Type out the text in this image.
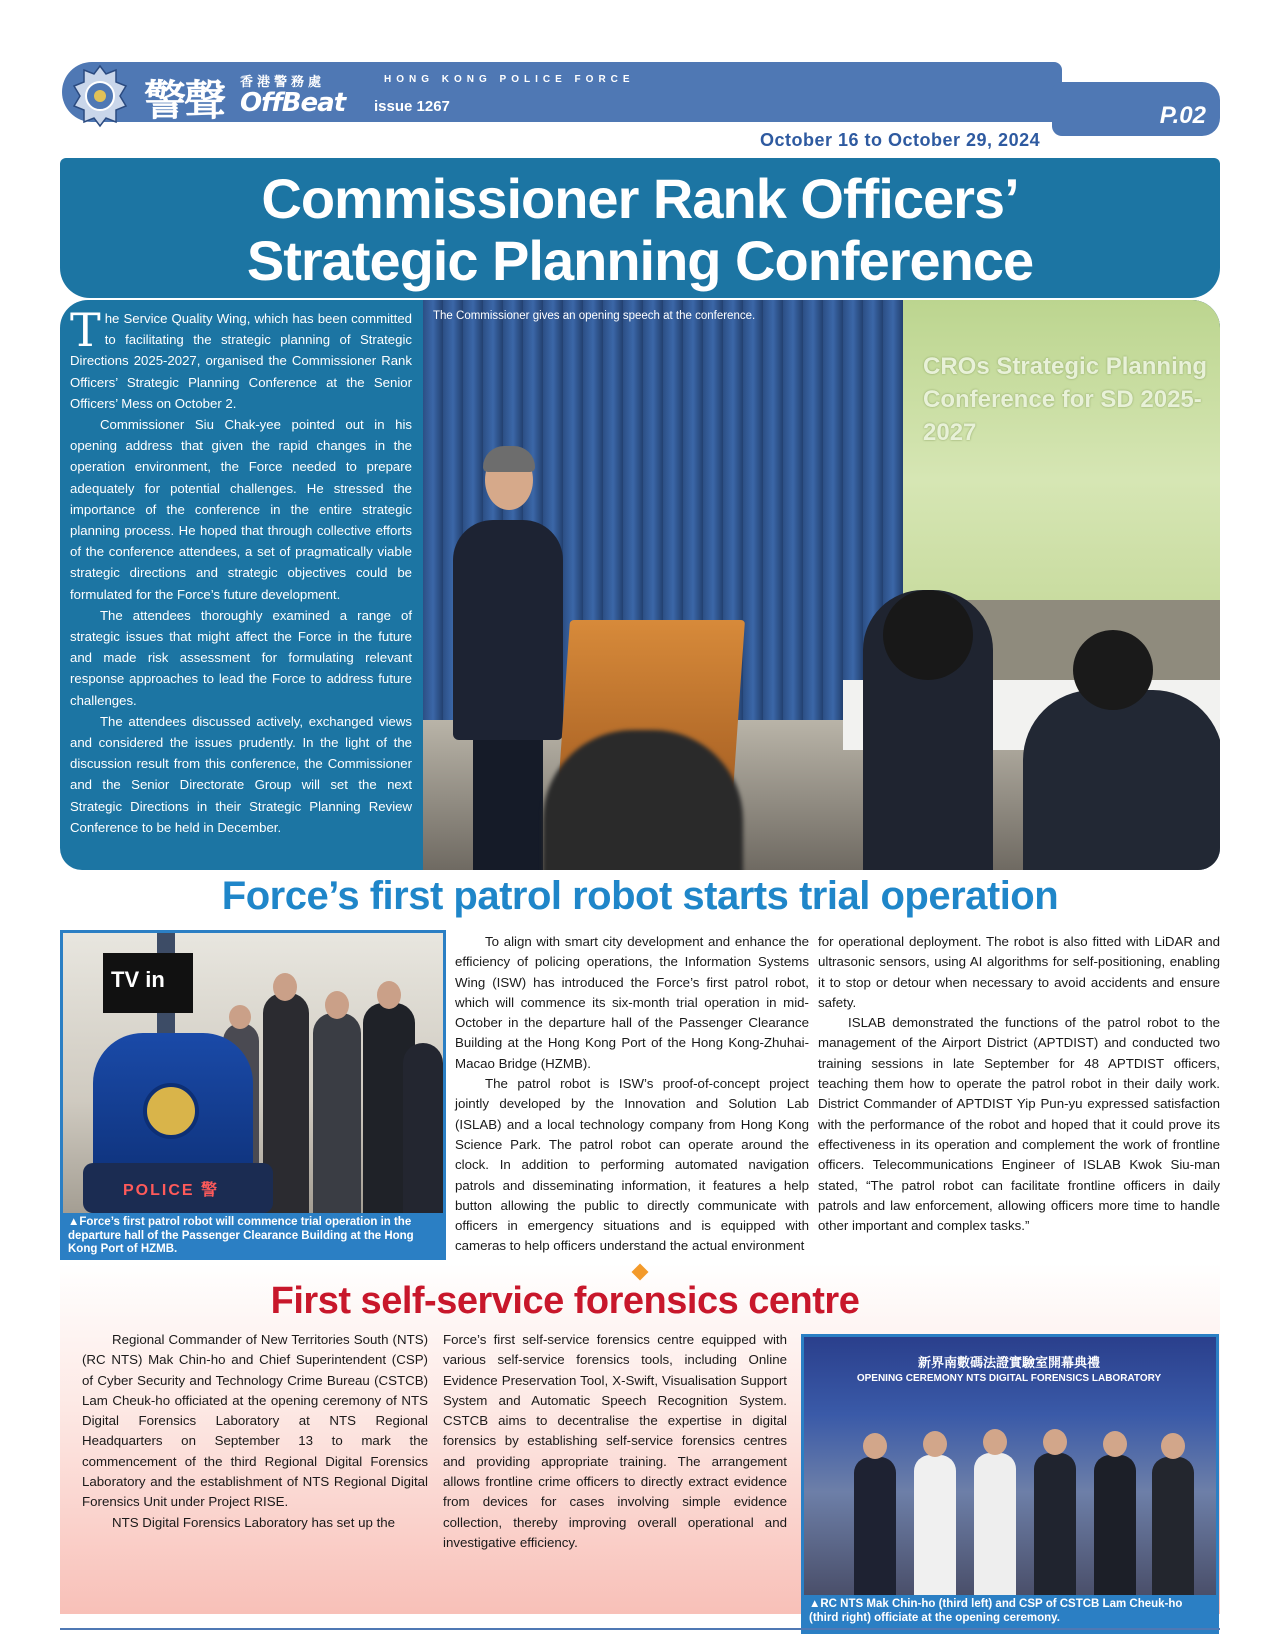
警聲 香港警務處
OffBeat issue 1267
HONG KONG POLICE FORCE
October 16 to October 29, 2024
P.02
Commissioner Rank Officers’
Strategic Planning Conference

The Service Quality Wing, which has been committed to facilitating the strategic planning of Strategic Directions 2025-2027, organised the Commissioner Rank Officers’ Strategic Planning Conference at the Senior Officers’ Mess on October 2.

Commissioner Siu Chak-yee pointed out in his opening address that given the rapid changes in the operation environment, the Force needed to prepare adequately for potential challenges. He stressed the importance of the conference in the entire strategic planning process. He hoped that through collective efforts of the conference attendees, a set of pragmatically viable strategic directions and strategic objectives could be formulated for the Force’s future development.

The attendees thoroughly examined a range of strategic issues that might affect the Force in the future and made risk assessment for formulating relevant response approaches to lead the Force to address future challenges.

The attendees discussed actively, exchanged views and considered the issues prudently. In the light of the discussion result from this conference, the Commissioner and the Senior Directorate Group will set the next Strategic Directions in their Strategic Planning Review Conference to be held in December.

CROs Strategic Planning Conference for SD 2025-2027
The Commissioner gives an opening speech at the conference.
Force’s first patrol robot starts trial operation
TV in
POLICE 警
▲Force’s first patrol robot will commence trial operation in the departure hall of the Passenger Clearance Building at the Hong Kong Port of HZMB.

To align with smart city development and enhance the efficiency of policing operations, the Information Systems Wing (ISW) has introduced the Force’s first patrol robot, which will commence its six-month trial operation in mid-October in the departure hall of the Passenger Clearance Building at the Hong Kong Port of the Hong Kong-Zhuhai-Macao Bridge (HZMB).

The patrol robot is ISW’s proof-of-concept project jointly developed by the Innovation and Solution Lab (ISLAB) and a local technology company from Hong Kong Science Park. The patrol robot can operate around the clock. In addition to performing automated navigation patrols and disseminating information, it features a help button allowing the public to directly communicate with officers in emergency situations and is equipped with cameras to help officers understand the actual environment

for operational deployment. The robot is also fitted with LiDAR and ultrasonic sensors, using AI algorithms for self-positioning, enabling it to stop or detour when necessary to avoid accidents and ensure safety.

ISLAB demonstrated the functions of the patrol robot to the management of the Airport District (APTDIST) and conducted two training sessions in late September for 48 APTDIST officers, teaching them how to operate the patrol robot in their daily work. District Commander of APTDIST Yip Pun-yu expressed satisfaction with the performance of the robot and hoped that it could prove its effectiveness in its operation and complement the work of frontline officers. Telecommunications Engineer of ISLAB Kwok Siu-man stated, “The patrol robot can facilitate frontline officers in daily patrols and law enforcement, allowing officers more time to handle other important and complex tasks.”

First self-service forensics centre

Regional Commander of New Territories South (NTS) (RC NTS) Mak Chin-ho and Chief Superintendent (CSP) of Cyber Security and Technology Crime Bureau (CSTCB) Lam Cheuk-ho officiated at the opening ceremony of NTS Digital Forensics Laboratory at NTS Regional Headquarters on September 13 to mark the commencement of the third Regional Digital Forensics Laboratory and the establishment of NTS Regional Digital Forensics Unit under Project RISE.

NTS Digital Forensics Laboratory has set up the

Force’s first self-service forensics centre equipped with various self-service forensics tools, including Online Evidence Preservation Tool, X-Swift, Visualisation Support System and Automatic Speech Recognition System. CSTCB aims to decentralise the expertise in digital forensics by establishing self-service forensics centres and providing appropriate training. The arrangement allows frontline crime officers to directly extract evidence from devices for cases involving simple evidence collection, thereby improving overall operational and investigative efficiency.

新界南數碼法證實驗室開幕典禮
OPENING CEREMONY NTS DIGITAL FORENSICS LABORATORY
▲RC NTS Mak Chin-ho (third left) and CSP of CSTCB Lam Cheuk-ho (third right) officiate at the opening ceremony.
